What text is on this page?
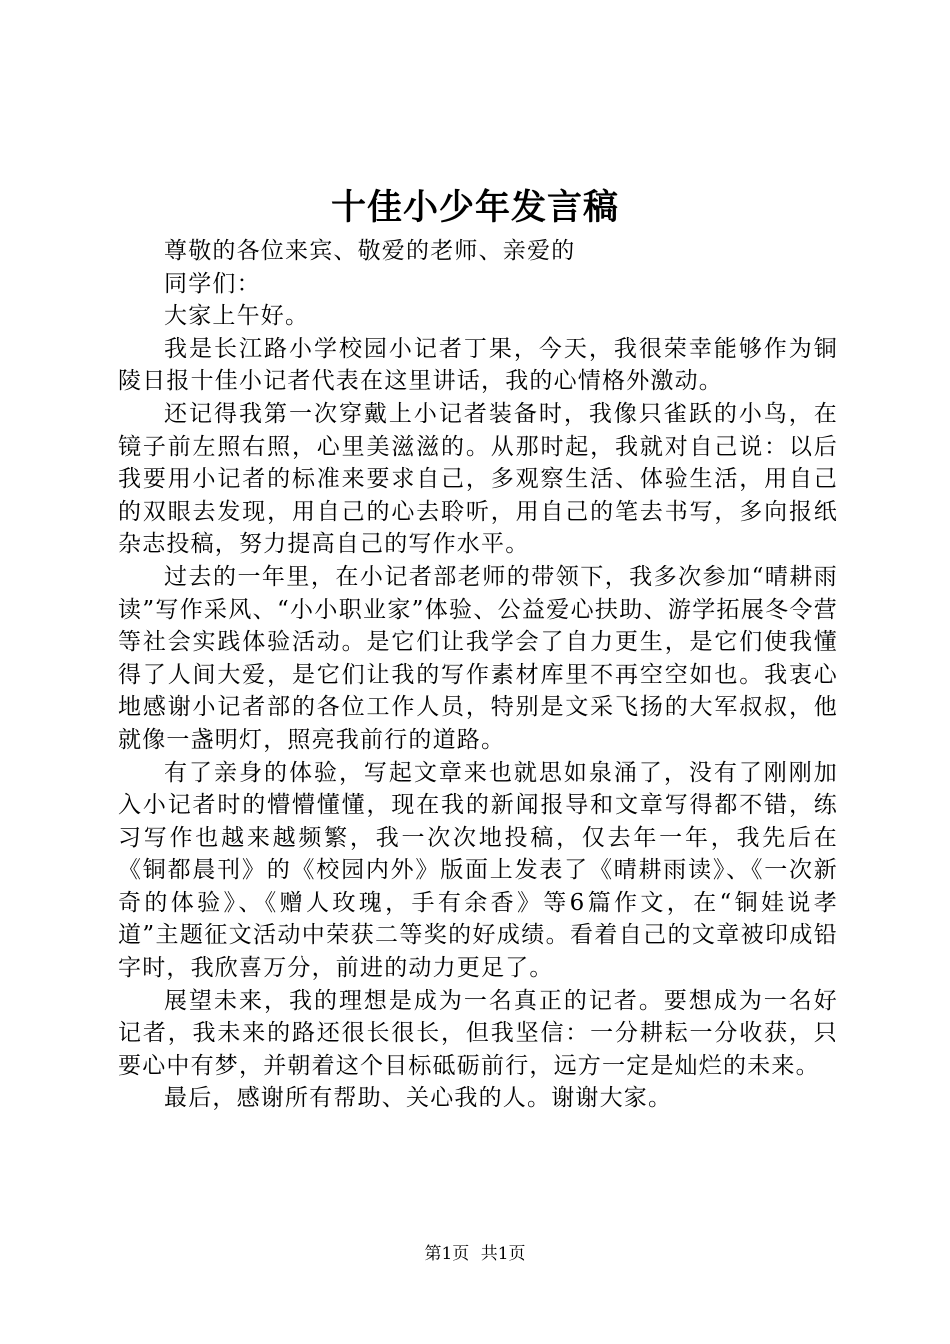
十佳小少年发言稿

尊敬的各位来宾、敬爱的老师、亲爱的

同学们：

大家上午好。

我是长江路小学校园小记者丁果，今天，我很荣幸能够作为铜陵日报十佳小记者代表在这里讲话，我的心情格外激动。

还记得我第一次穿戴上小记者装备时，我像只雀跃的小鸟，在镜子前左照右照，心里美滋滋的。从那时起，我就对自己说：以后我要用小记者的标准来要求自己，多观察生活、体验生活，用自己的双眼去发现，用自己的心去聆听，用自己的笔去书写，多向报纸杂志投稿，努力提高自己的写作水平。

过去的一年里，在小记者部老师的带领下，我多次参加“晴耕雨读”写作采风、“小小职业家”体验、公益爱心扶助、游学拓展冬令营等社会实践体验活动。是它们让我学会了自力更生，是它们使我懂得了人间大爱，是它们让我的写作素材库里不再空空如也。我衷心地感谢小记者部的各位工作人员，特别是文采飞扬的大军叔叔，他就像一盏明灯，照亮我前行的道路。

有了亲身的体验，写起文章来也就思如泉涌了，没有了刚刚加入小记者时的懵懵懂懂，现在我的新闻报导和文章写得都不错，练习写作也越来越频繁，我一次次地投稿，仅去年一年，我先后在《铜都晨刊》的《校园内外》版面上发表了《晴耕雨读》、《一次新奇的体验》、《赠人玫瑰，手有余香》等6篇作文，在“铜娃说孝道”主题征文活动中荣获二等奖的好成绩。看着自己的文章被印成铅字时，我欣喜万分，前进的动力更足了。

展望未来，我的理想是成为一名真正的记者。要想成为一名好记者，我未来的路还很长很长，但我坚信：一分耕耘一分收获，只要心中有梦，并朝着这个目标砥砺前行，远方一定是灿烂的未来。

最后，感谢所有帮助、关心我的人。谢谢大家。

第1页 共1页
